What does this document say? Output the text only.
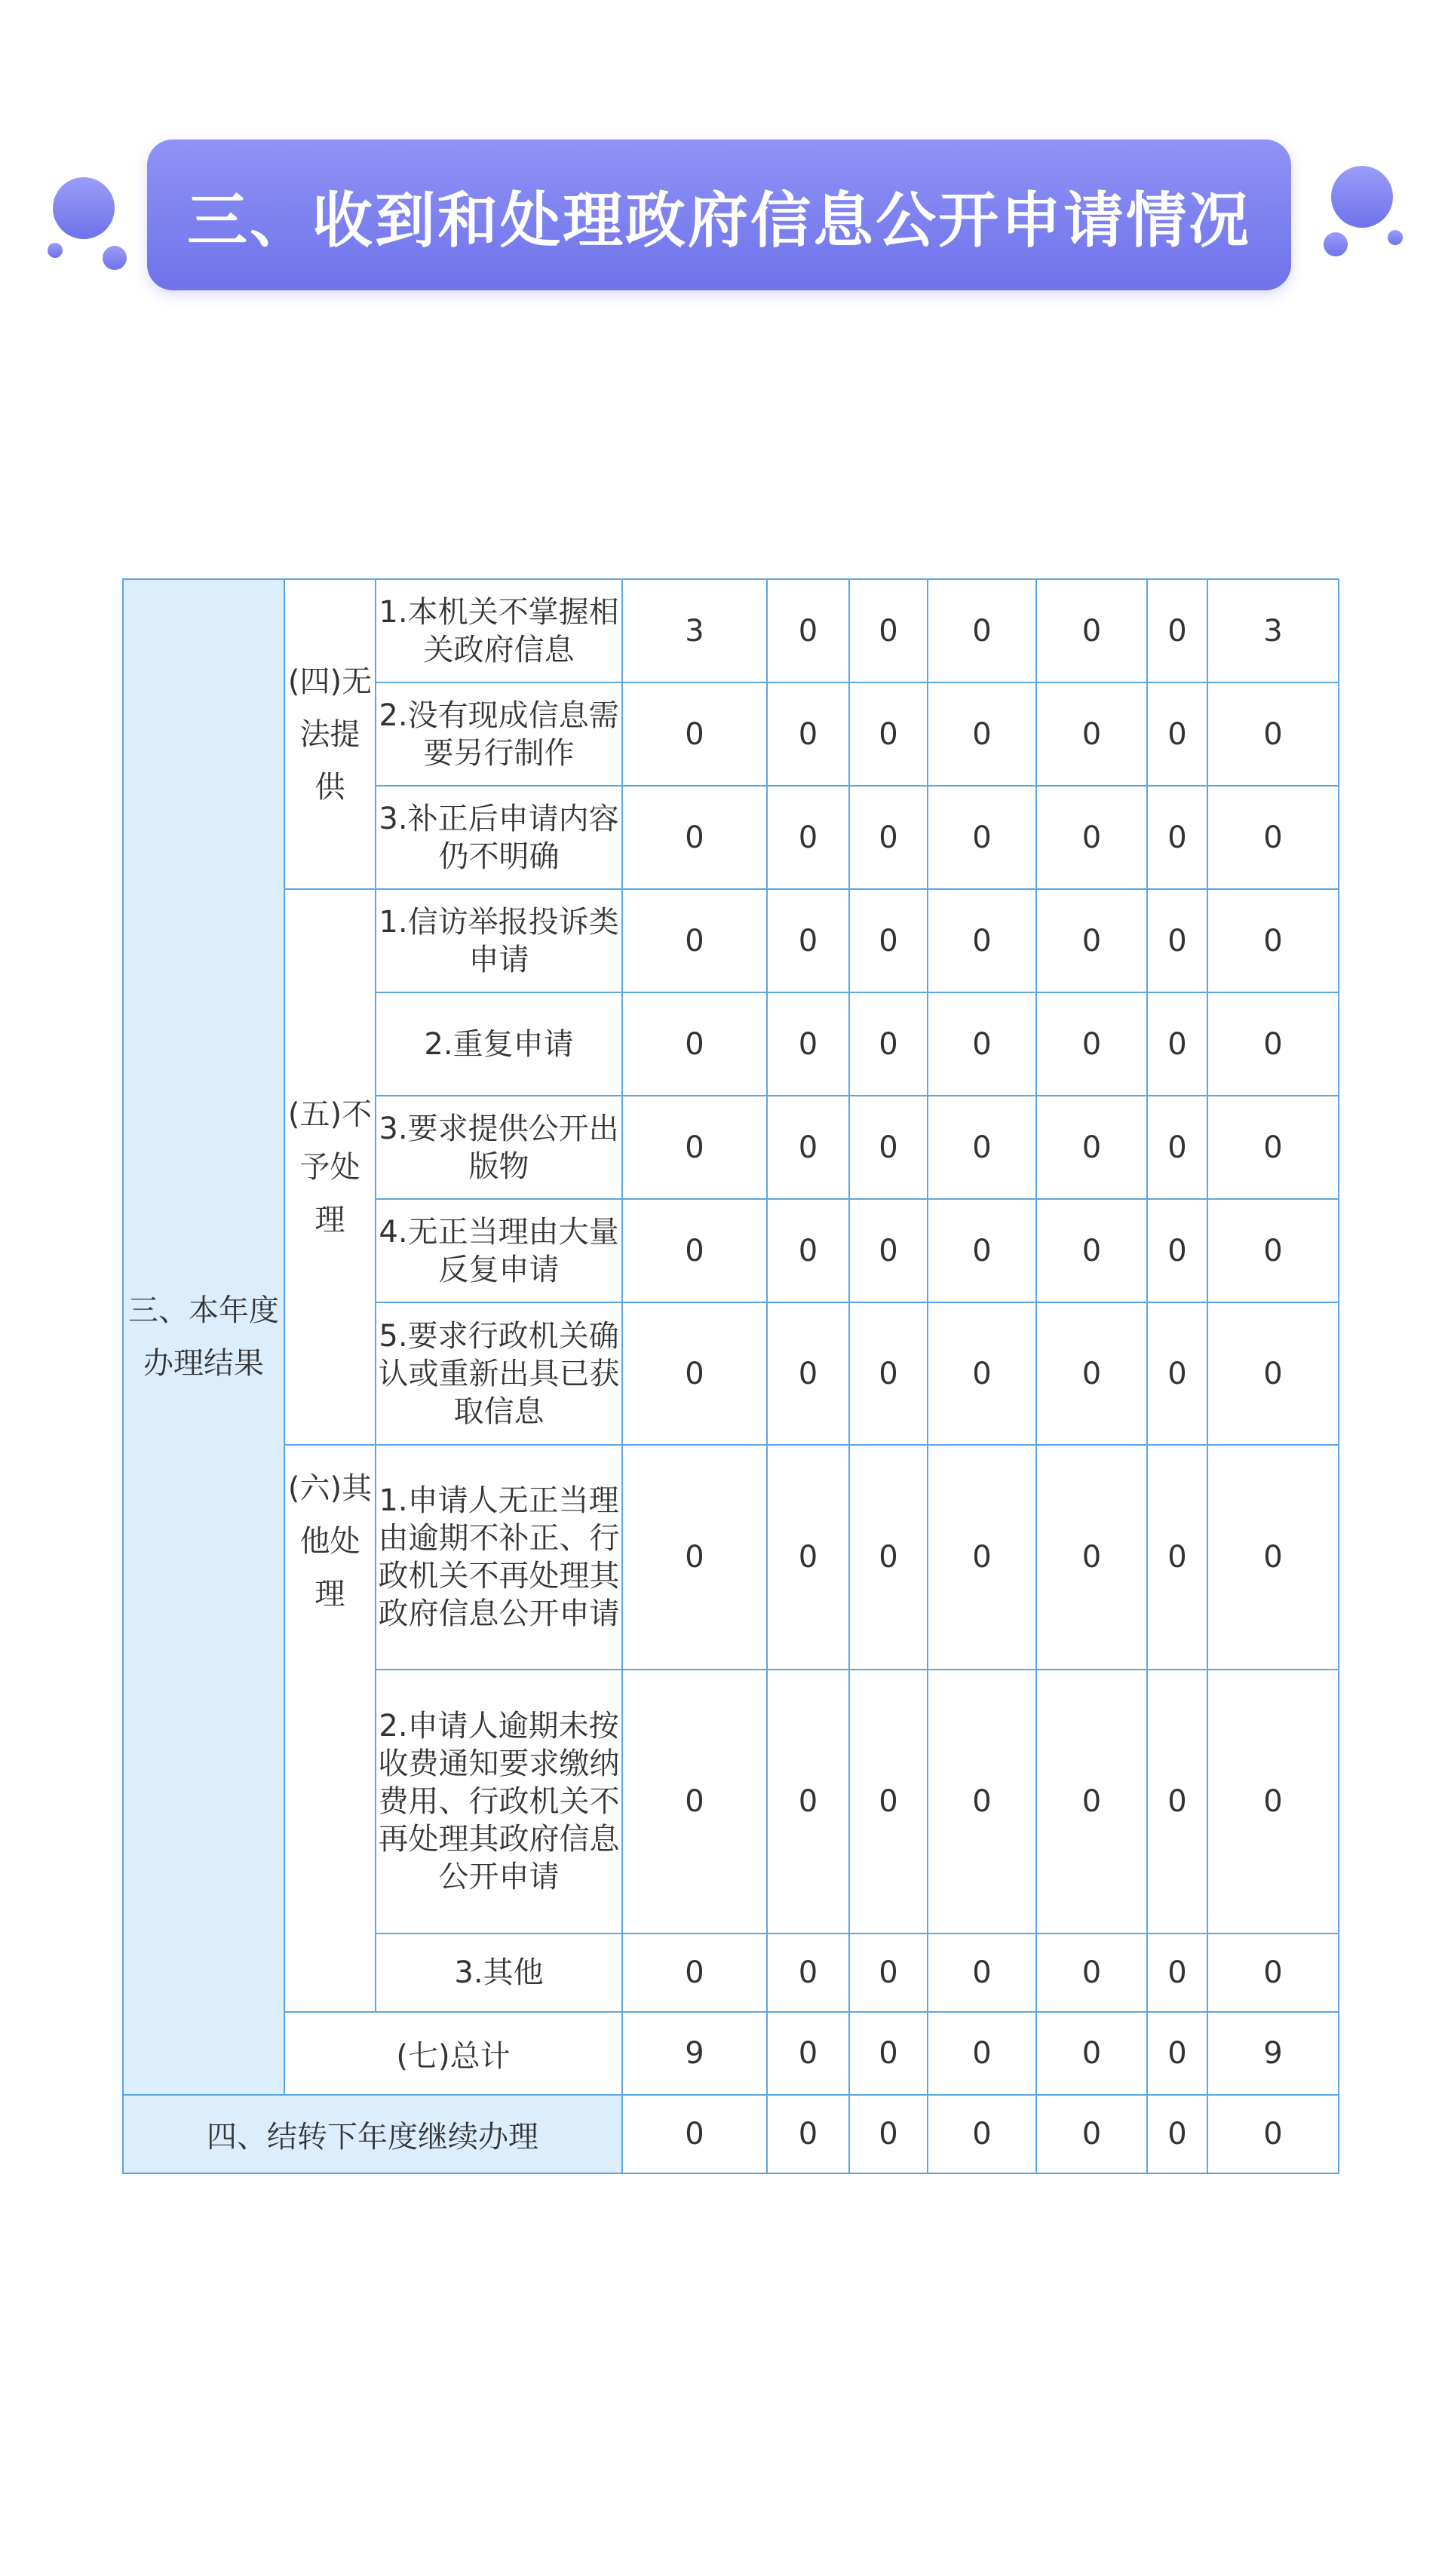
三、收到和处理政府信息公开申请情况
三、本年度办理结果	(四)无法提供	1.本机关不掌握相关政府信息	3	0	0	0	0	0	3
		2.没有现成信息需要另行制作	0	0	0	0	0	0	0
		3.补正后申请内容仍不明确	0	0	0	0	0	0	0
	(五)不予处理	1.信访举报投诉类申请	0	0	0	0	0	0	0
		2.重复申请	0	0	0	0	0	0	0
		3.要求提供公开出版物	0	0	0	0	0	0	0
		4.无正当理由大量反复申请	0	0	0	0	0	0	0
		5.要求行政机关确认或重新出具已获取信息	0	0	0	0	0	0	0
	(六)其他处理	1.申请人无正当理由逾期不补正、行政机关不再处理其政府信息公开申请	0	0	0	0	0	0	0
		2.申请人逾期未按收费通知要求缴纳费用、行政机关不再处理其政府信息公开申请	0	0	0	0	0	0	0
		3.其他	0	0	0	0	0	0	0
	(七)总计		9	0	0	0	0	0	9
四、结转下年度继续办理			0	0	0	0	0	0	0
